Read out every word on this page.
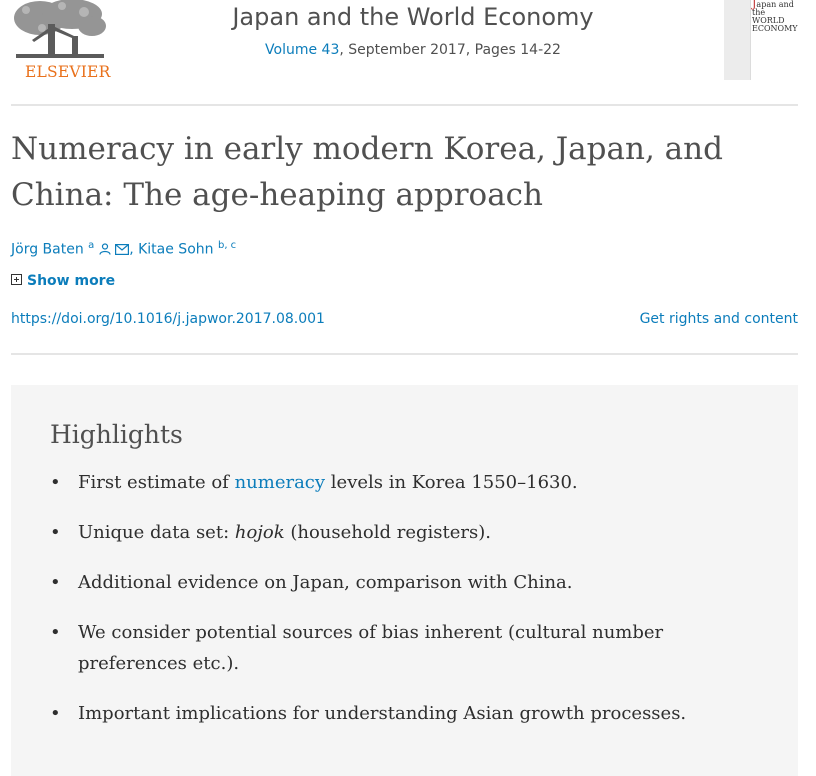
ELSEVIER
Japan and the World Economy
Volume 43, September 2017, Pages 14-22
Japan and the
WORLD
ECONOMY
Numeracy in early modern Korea, Japan, and China: The age-heaping approach
Jörg Baten $^a$ , Kitae Sohn $^{b, c}$
Show more
https://doi.org/10.1016/j.japwor.2017.08.001	Get rights and content
Highlights
• First estimate of numeracy levels in Korea 1550–1630.
• Unique data set: hojok (household registers).
• Additional evidence on Japan, comparison with China.
• We consider potential sources of bias inherent (cultural number preferences etc.).
• Important implications for understanding Asian growth processes.
